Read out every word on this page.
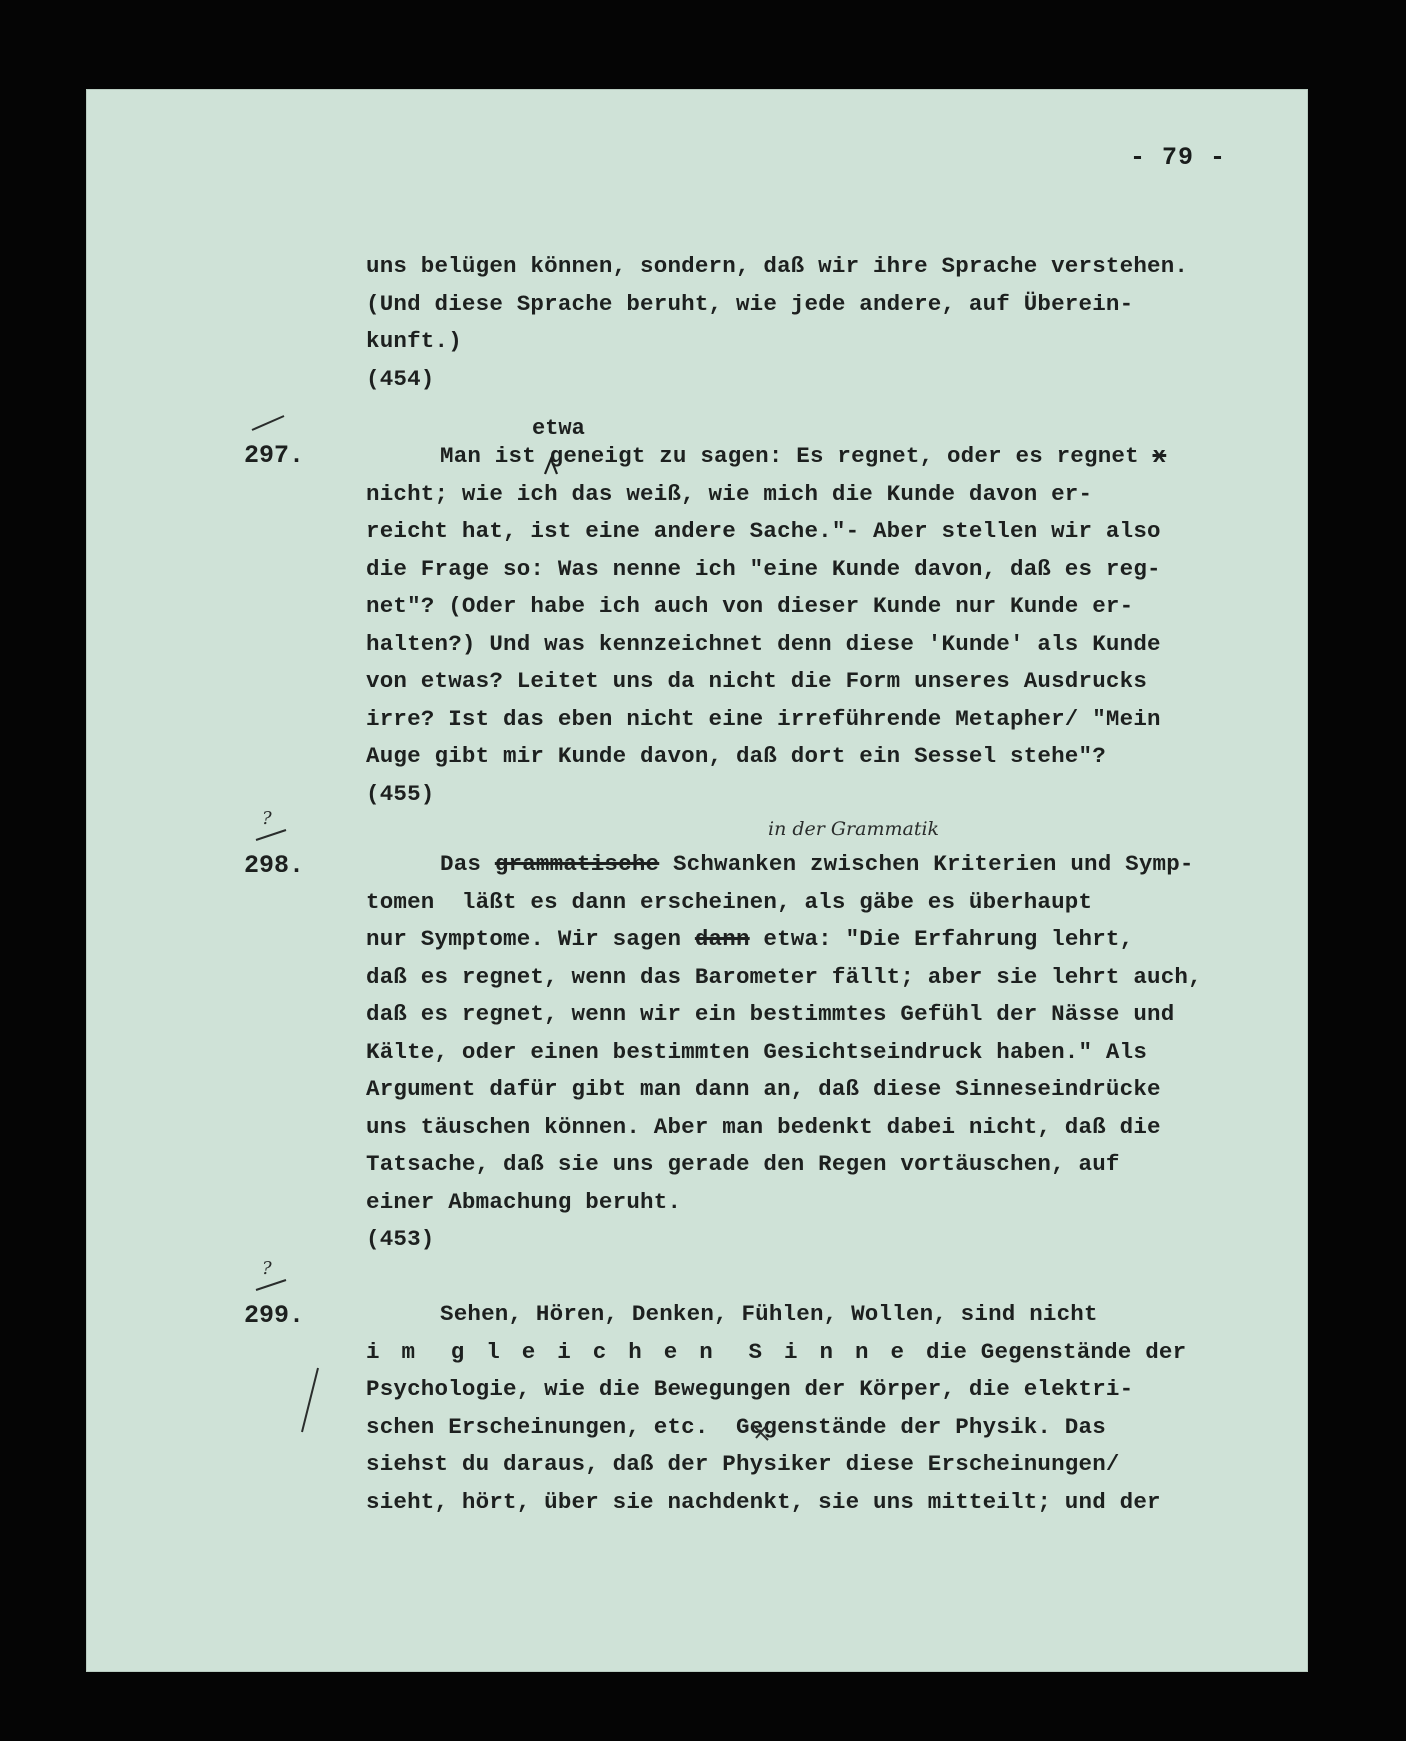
- 79 -
uns belügen können, sondern, daß wir ihre Sprache verstehen.
(Und diese Sprache beruht, wie jede andere, auf Überein-
kunft.)
(454)
297.
etwa
Man ist geneigt zu sagen: Es regnet, oder es regnet x
nicht; wie ich das weiß, wie mich die Kunde davon er-
reicht hat, ist eine andere Sache."- Aber stellen wir also
die Frage so: Was nenne ich "eine Kunde davon, daß es reg-
net"? (Oder habe ich auch von dieser Kunde nur Kunde er-
halten?) Und was kennzeichnet denn diese 'Kunde' als Kunde
von etwas? Leitet uns da nicht die Form unseres Ausdrucks
irre? Ist das eben nicht eine irreführende Metapher/ "Mein
Auge gibt mir Kunde davon, daß dort ein Sessel stehe"?
(455)
?
298.
in der Grammatik
Das grammatische Schwanken zwischen Kriterien und Symp-
tomen  läßt es dann erscheinen, als gäbe es überhaupt
nur Symptome. Wir sagen dann etwa: "Die Erfahrung lehrt,
daß es regnet, wenn das Barometer fällt; aber sie lehrt auch,
daß es regnet, wenn wir ein bestimmtes Gefühl der Nässe und
Kälte, oder einen bestimmten Gesichtseindruck haben." Als
Argument dafür gibt man dann an, daß diese Sinneseindrücke
uns täuschen können. Aber man bedenkt dabei nicht, daß die
Tatsache, daß sie uns gerade den Regen vortäuschen, auf
einer Abmachung beruht.
(453)
?
299.	Sehen, Hören, Denken, Fühlen, Wollen, sind nicht
im gleichen Sinnedie Gegenstände der
Psychologie, wie die Bewegungen der Körper, die elektri-
schen Erscheinungen, etc.  Gegenstände der Physik. Das
siehst du daraus, daß der Physiker diese Erscheinungen/
sieht, hört, über sie nachdenkt, sie uns mitteilt; und der
